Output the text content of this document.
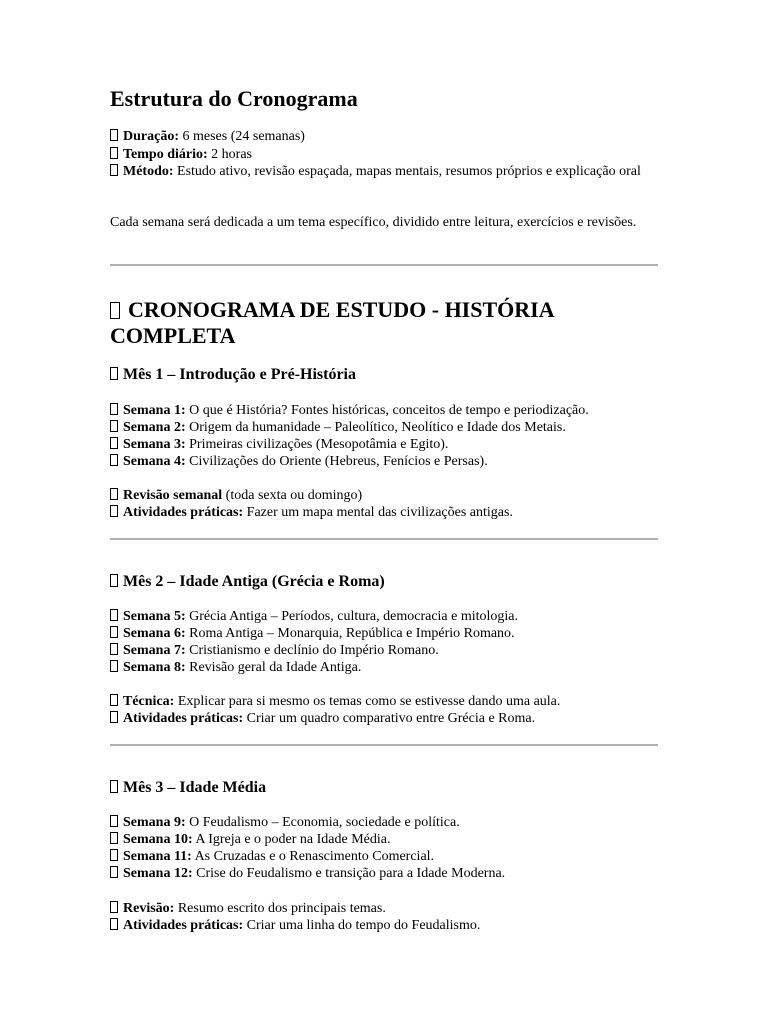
Estrutura do Cronograma
Duração: 6 meses (24 semanas)
Tempo diário: 2 horas
Método: Estudo ativo, revisão espaçada, mapas mentais, resumos próprios e explicação oral
Cada semana será dedicada a um tema específico, dividido entre leitura, exercícios e revisões.
CRONOGRAMA DE ESTUDO - HISTÓRIA COMPLETA
Mês 1 – Introdução e Pré-História
Semana 1: O que é História? Fontes históricas, conceitos de tempo e periodização.
Semana 2: Origem da humanidade – Paleolítico, Neolítico e Idade dos Metais.
Semana 3: Primeiras civilizações (Mesopotâmia e Egito).
Semana 4: Civilizações do Oriente (Hebreus, Fenícios e Persas).
Revisão semanal (toda sexta ou domingo)
Atividades práticas: Fazer um mapa mental das civilizações antigas.
Mês 2 – Idade Antiga (Grécia e Roma)
Semana 5: Grécia Antiga – Períodos, cultura, democracia e mitologia.
Semana 6: Roma Antiga – Monarquia, República e Império Romano.
Semana 7: Cristianismo e declínio do Império Romano.
Semana 8: Revisão geral da Idade Antiga.
Técnica: Explicar para si mesmo os temas como se estivesse dando uma aula.
Atividades práticas: Criar um quadro comparativo entre Grécia e Roma.
Mês 3 – Idade Média
Semana 9: O Feudalismo – Economia, sociedade e política.
Semana 10: A Igreja e o poder na Idade Média.
Semana 11: As Cruzadas e o Renascimento Comercial.
Semana 12: Crise do Feudalismo e transição para a Idade Moderna.
Revisão: Resumo escrito dos principais temas.
Atividades práticas: Criar uma linha do tempo do Feudalismo.
